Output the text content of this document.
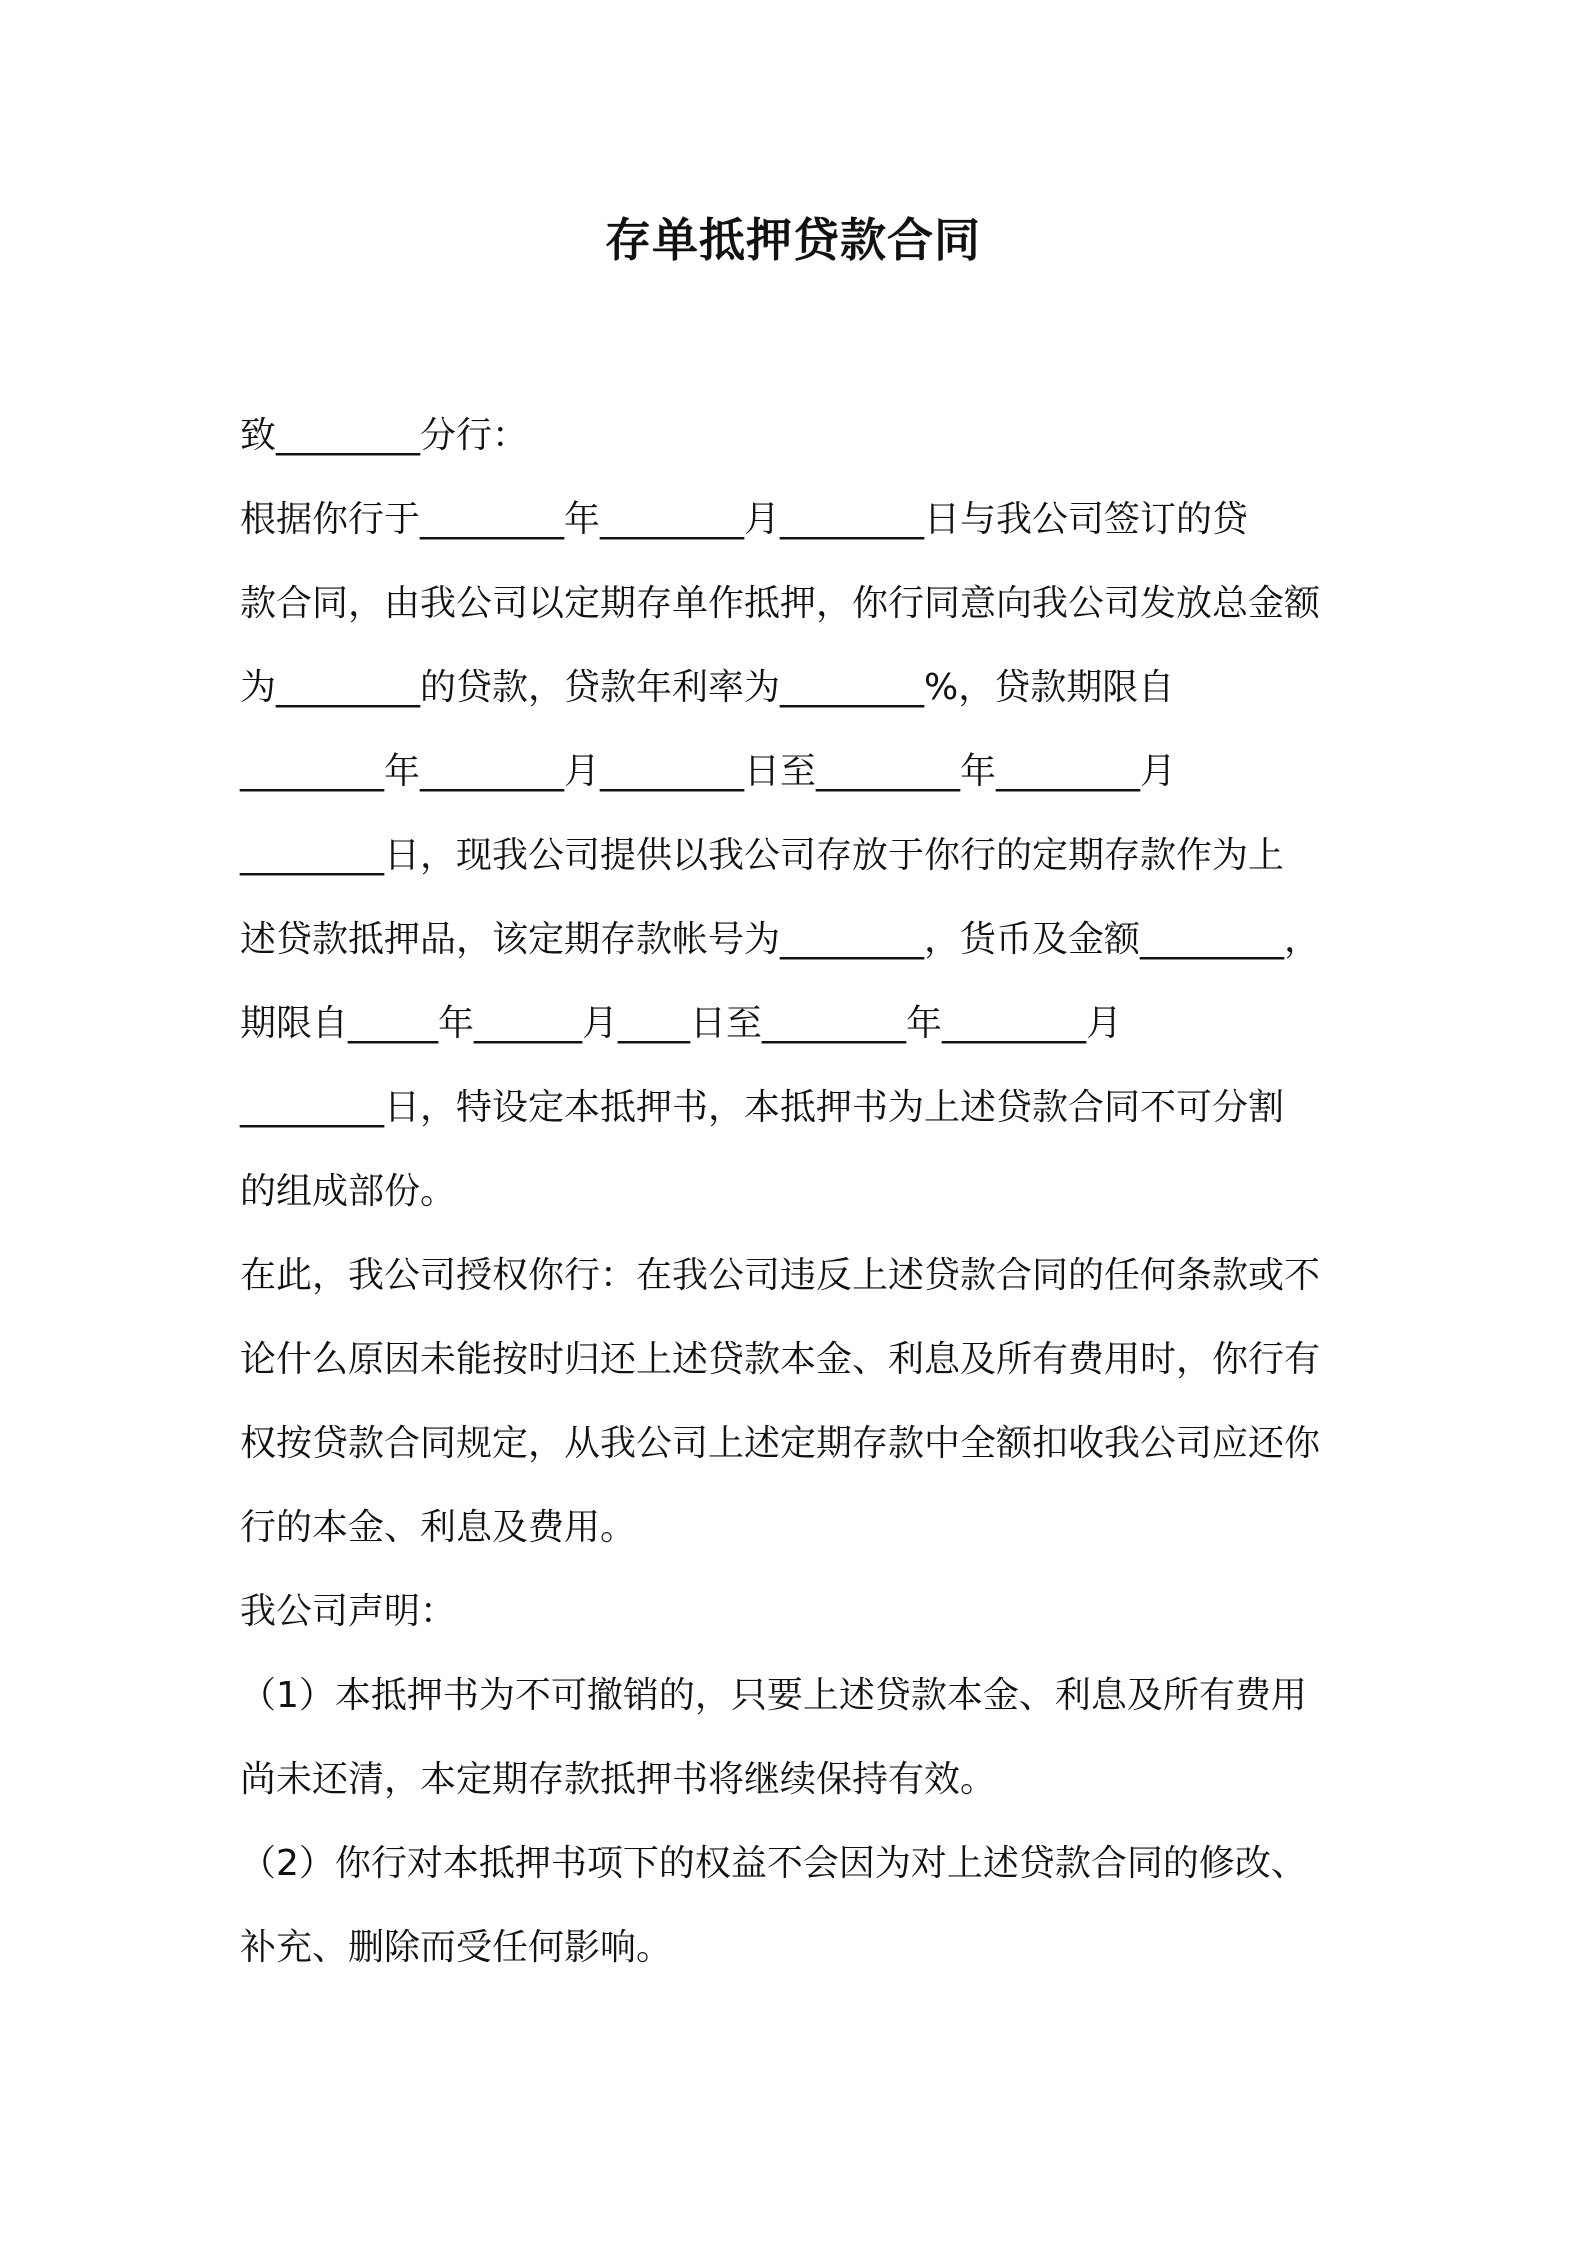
存单抵押贷款合同
致________分行：
根据你行于________年________月________日与我公司签订的贷
款合同，由我公司以定期存单作抵押，你行同意向我公司发放总金额
为________的贷款，贷款年利率为________%，贷款期限自
________年________月________日至________年________月
________日，现我公司提供以我公司存放于你行的定期存款作为上
述贷款抵押品，该定期存款帐号为________，货币及金额________，
期限自_____年______月____日至________年________月
________日，特设定本抵押书，本抵押书为上述贷款合同不可分割
的组成部份。
在此，我公司授权你行：在我公司违反上述贷款合同的任何条款或不
论什么原因未能按时归还上述贷款本金、利息及所有费用时，你行有
权按贷款合同规定，从我公司上述定期存款中全额扣收我公司应还你
行的本金、利息及费用。
我公司声明：
（1）本抵押书为不可撤销的，只要上述贷款本金、利息及所有费用
尚未还清，本定期存款抵押书将继续保持有效。
（2）你行对本抵押书项下的权益不会因为对上述贷款合同的修改、
补充、删除而受任何影响。
